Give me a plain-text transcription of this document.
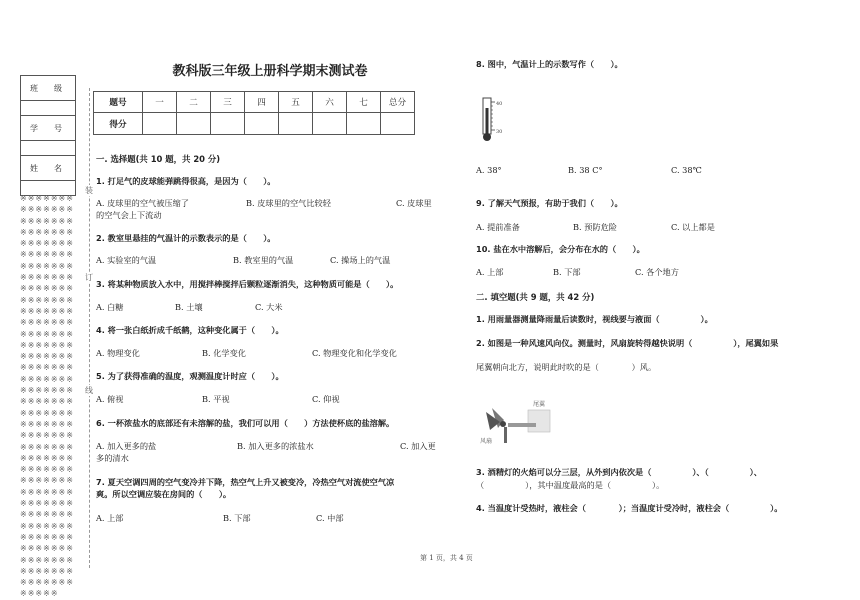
班　级

学　号

姓　名

※※※※※※※※※※※※※※※※※※※※※※※※※※※※※※※※※※※※※※※※※※※※※※※※※※※※※※※※※※※※※※※※※※※※※※※※※※※※※※※※※※※※※※※※※※※※※※※※※※※※※※※※※※※※※※※※※※※※※※※※※※※※※※※※※※※※※※※※※※※※※※※※※※※※※※※※※※※※※※※※※※※※※※※※※※※※※※※※※※※※※※※※※※※※※※※※※※※※※※※※※※※※※※※※※※※※※※※※※※※※※※※※※※※※※※※※※※※※※※※※※※※※※※※※※※
装
订
线
教科版三年级上册科学期末测试卷
题号	一	二	三	四	五	六	七	总分
得分								
一. 选择题(共 10 题，共 20 分)
1. 打足气的皮球能弹跳得很高，是因为（　　）。
A. 皮球里的空气被压缩了	B. 皮球里的空气比较轻	C. 皮球里
的空气会上下流动
2. 教室里悬挂的气温计的示数表示的是（　　）。
A. 实验室的气温	B. 教室里的气温	C. 操场上的气温
3. 将某种物质放入水中，用搅拌棒搅拌后颗粒逐渐消失，这种物质可能是（　　）。
A. 白糖	B. 土壤	C. 大米
4. 将一张白纸折成千纸鹤，这种变化属于（　　）。
A. 物理变化	B. 化学变化	C. 物理变化和化学变化
5. 为了获得准确的温度，观测温度计时应（　　）。
A. 俯视	B. 平视	C. 仰视
6. 一杯浓盐水的底部还有未溶解的盐，我们可以用（　　）方法使杯底的盐溶解。
A. 加入更多的盐	B. 加入更多的浓盐水	C. 加入更
多的清水
7. 夏天空调四周的空气变冷并下降，热空气上升又被变冷，冷热空气对流使空气凉
爽。所以空调应装在房间的（　　）。
A. 上部	B. 下部	C. 中部
8. 图中，气温计上的示数写作（　　）。
40
30
A. 38°	B. 38 C°	C. 38℃
9. 了解天气预报，有助于我们（　　）。
A. 提前准备	B. 预防危险	C. 以上都是
10. 盐在水中溶解后，会分布在水的（　　）。
A. 上部	B. 下部	C. 各个地方
二. 填空题(共 9 题，共 42 分)
1. 用雨量器测量降雨量后读数时，视线要与液面（　　　　　）。
2. 如图是一种风速风向仪。测量时，风扇旋转得越快说明（　　　　　），尾翼如果
尾翼朝向北方，说明此时吹的是（　　　　）风。
尾翼
风扇
3. 酒精灯的火焰可以分三层，从外到内依次是（　　　　　）、（　　　　　）、
（　　　　　），其中温度最高的是（　　　　　）。
4. 当温度计受热时，液柱会（　　　　）；当温度计受冷时，液柱会（　　　　　）。
第 1 页，共 4 页
